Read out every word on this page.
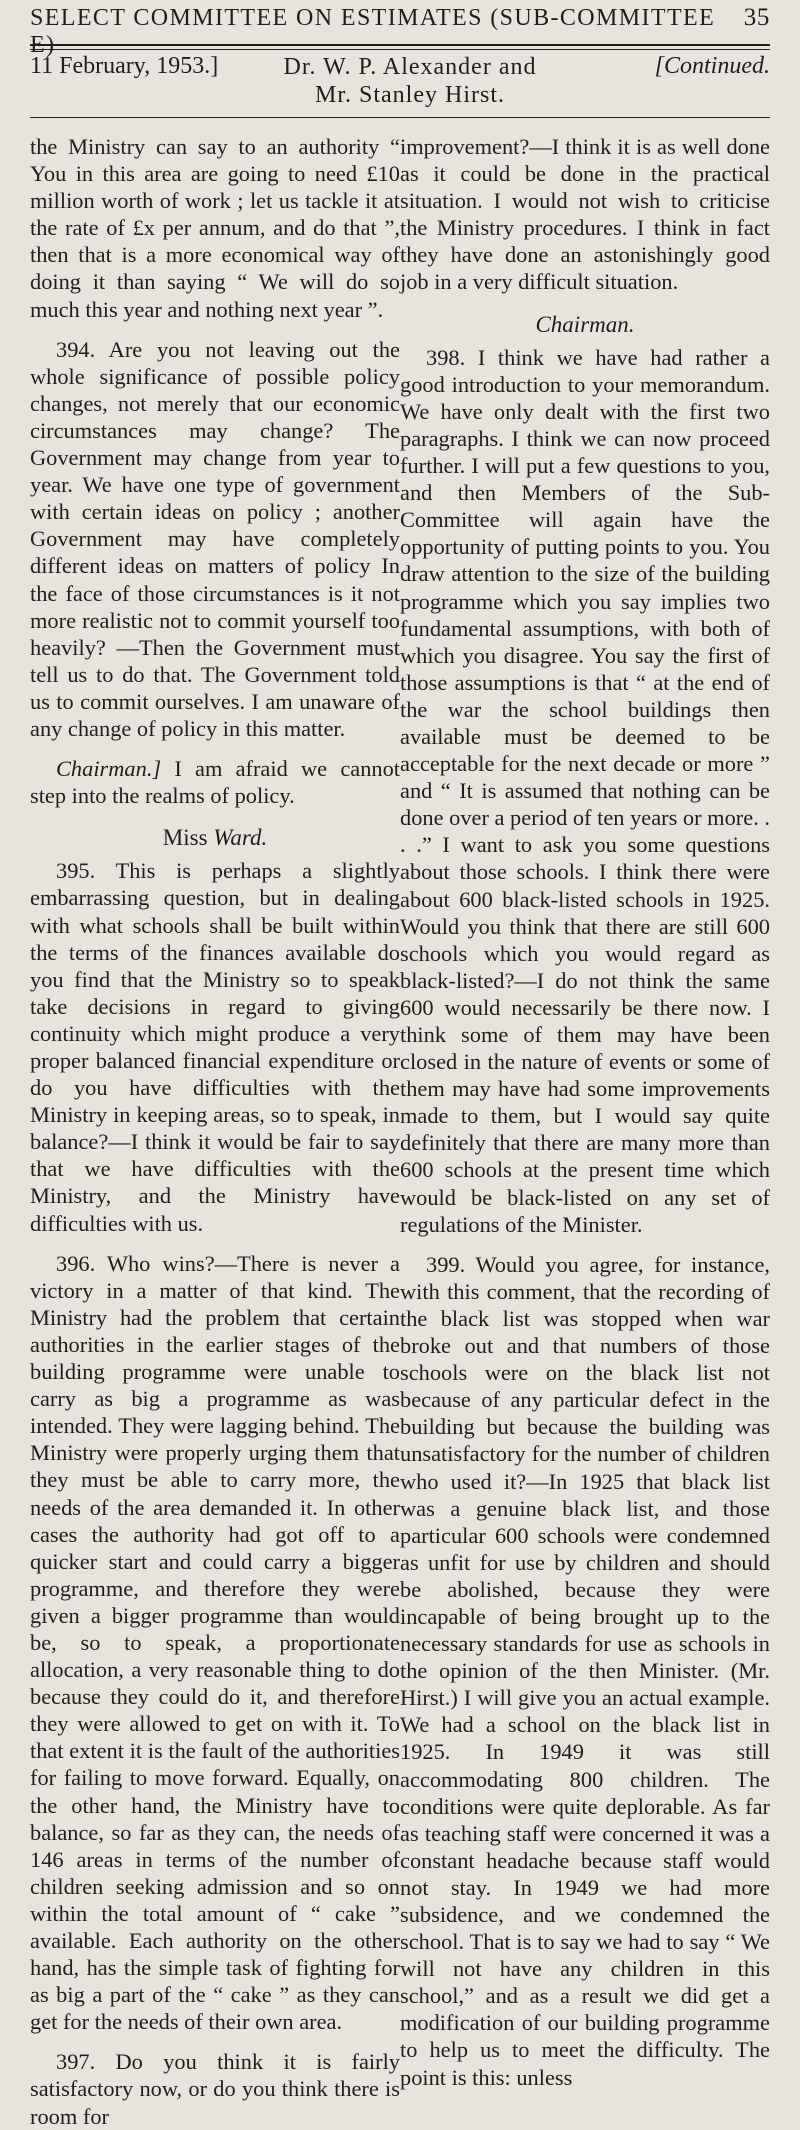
SELECT COMMITTEE ON ESTIMATES (SUB-COMMITTEE E)
35
11 February, 1953.]	Dr. W. P. Alexander and
Mr. Stanley Hirst.
[Continued.

the Ministry can say to an authority “ You in this area are going to need £10 million worth of work ; let us tackle it at the rate of £x per annum, and do that ”, then that is a more economical way of doing it than saying “ We will do so much this year and nothing next year ”.

394. Are you not leaving out the whole significance of possible policy changes, not merely that our economic circumstances may change? The Government may change from year to year. We have one type of government with certain ideas on policy ; another Government may have completely different ideas on matters of policy In the face of those circumstances is it not more realistic not to commit yourself too heavily? —Then the Government must tell us to do that. The Government told us to commit ourselves. I am unaware of any change of policy in this matter.

Chairman.] I am afraid we cannot step into the realms of policy.

Miss Ward.

395. This is perhaps a slightly embarrassing question, but in dealing with what schools shall be built within the terms of the finances available do you find that the Ministry so to speak take decisions in regard to giving continuity which might produce a very proper balanced financial expenditure or do you have difficulties with the Ministry in keeping areas, so to speak, in balance?—I think it would be fair to say that we have difficulties with the Ministry, and the Ministry have difficulties with us.

396. Who wins?—There is never a victory in a matter of that kind. The Ministry had the problem that certain authorities in the earlier stages of the building programme were unable to carry as big a programme as was intended. They were lagging behind. The Ministry were properly urging them that they must be able to carry more, the needs of the area demanded it. In other cases the authority had got off to a quicker start and could carry a bigger programme, and therefore they were given a bigger programme than would be, so to speak, a proportionate allocation, a very reasonable thing to do because they could do it, and therefore they were allowed to get on with it. To that extent it is the fault of the authorities for failing to move forward. Equally, on the other hand, the Ministry have to balance, so far as they can, the needs of 146 areas in terms of the number of children seeking admission and so on within the total amount of “ cake ” available. Each authority on the other hand, has the simple task of fighting for as big a part of the “ cake ” as they can get for the needs of their own area.

397. Do you think it is fairly satisfactory now, or do you think there is room for

improvement?—I think it is as well done as it could be done in the practical situation. I would not wish to criticise the Ministry procedures. I think in fact they have done an astonishingly good job in a very difficult situation.

Chairman.

398. I think we have had rather a good introduction to your memorandum. We have only dealt with the first two paragraphs. I think we can now proceed further. I will put a few questions to you, and then Members of the Sub-Committee will again have the opportunity of putting points to you. You draw attention to the size of the building programme which you say implies two fundamental assumptions, with both of which you disagree. You say the first of those assumptions is that “ at the end of the war the school buildings then available must be deemed to be acceptable for the next decade or more ” and “ It is assumed that nothing can be done over a period of ten years or more. . . .” I want to ask you some questions about those schools. I think there were about 600 black-listed schools in 1925. Would you think that there are still 600 schools which you would regard as black-listed?—I do not think the same 600 would necessarily be there now. I think some of them may have been closed in the nature of events or some of them may have had some improvements made to them, but I would say quite definitely that there are many more than 600 schools at the present time which would be black-listed on any set of regulations of the Minister.

399. Would you agree, for instance, with this comment, that the recording of the black list was stopped when war broke out and that numbers of those schools were on the black list not because of any particular defect in the building but because the building was unsatisfactory for the number of children who used it?—In 1925 that black list was a genuine black list, and those particular 600 schools were condemned as unfit for use by children and should be abolished, because they were incapable of being brought up to the necessary standards for use as schools in the opinion of the then Minister. (Mr. Hirst.) I will give you an actual example. We had a school on the black list in 1925. In 1949 it was still accommodating 800 children. The conditions were quite deplorable. As far as teaching staff were concerned it was a constant headache because staff would not stay. In 1949 we had more subsidence, and we condemned the school. That is to say we had to say “ We will not have any children in this school,” and as a result we did get a modification of our building programme to help us to meet the difficulty. The point is this: unless
